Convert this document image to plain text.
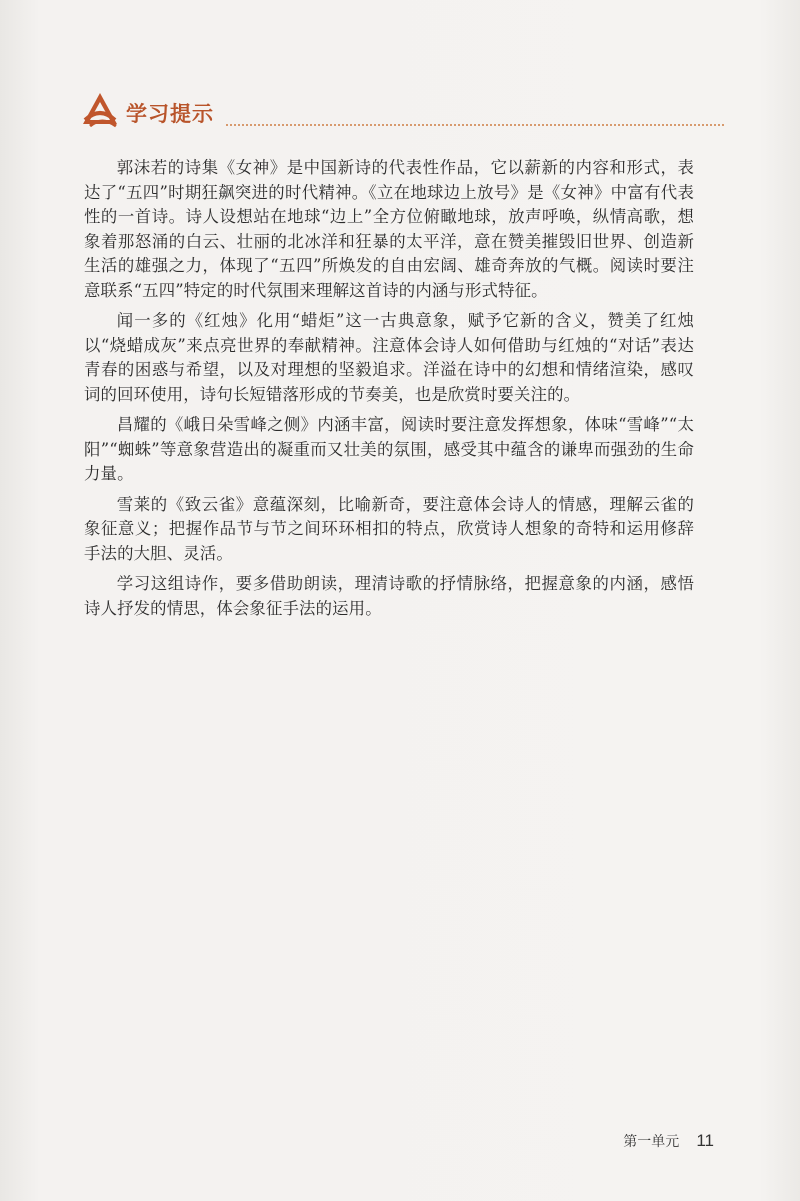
学习提示

郭沫若的诗集《女神》是中国新诗的代表性作品，它以薪新的内容和形式，表达了“五四”时期狂飙突进的时代精神。《立在地球边上放号》是《女神》中富有代表性的一首诗。诗人设想站在地球“边上”全方位俯瞰地球，放声呼唤，纵情高歌，想象着那怒涌的白云、壮丽的北冰洋和狂暴的太平洋，意在赞美摧毁旧世界、创造新生活的雄强之力，体现了“五四”所焕发的自由宏阔、雄奇奔放的气概。阅读时要注意联系“五四”特定的时代氛围来理解这首诗的内涵与形式特征。

闻一多的《红烛》化用“蜡炬”这一古典意象，赋予它新的含义，赞美了红烛以“烧蜡成灰”来点亮世界的奉献精神。注意体会诗人如何借助与红烛的“对话”表达青春的困惑与希望，以及对理想的坚毅追求。洋溢在诗中的幻想和情绪渲染，感叹词的回环使用，诗句长短错落形成的节奏美，也是欣赏时要关注的。

昌耀的《峨日朵雪峰之侧》内涵丰富，阅读时要注意发挥想象，体味“雪峰”“太阳”“蜘蛛”等意象营造出的凝重而又壮美的氛围，感受其中蕴含的谦卑而强劲的生命力量。

雪莱的《致云雀》意蕴深刻，比喻新奇，要注意体会诗人的情感，理解云雀的象征意义；把握作品节与节之间环环相扣的特点，欣赏诗人想象的奇特和运用修辞手法的大胆、灵活。

学习这组诗作，要多借助朗读，理清诗歌的抒情脉络，把握意象的内涵，感悟诗人抒发的情思，体会象征手法的运用。

第一单元 11
